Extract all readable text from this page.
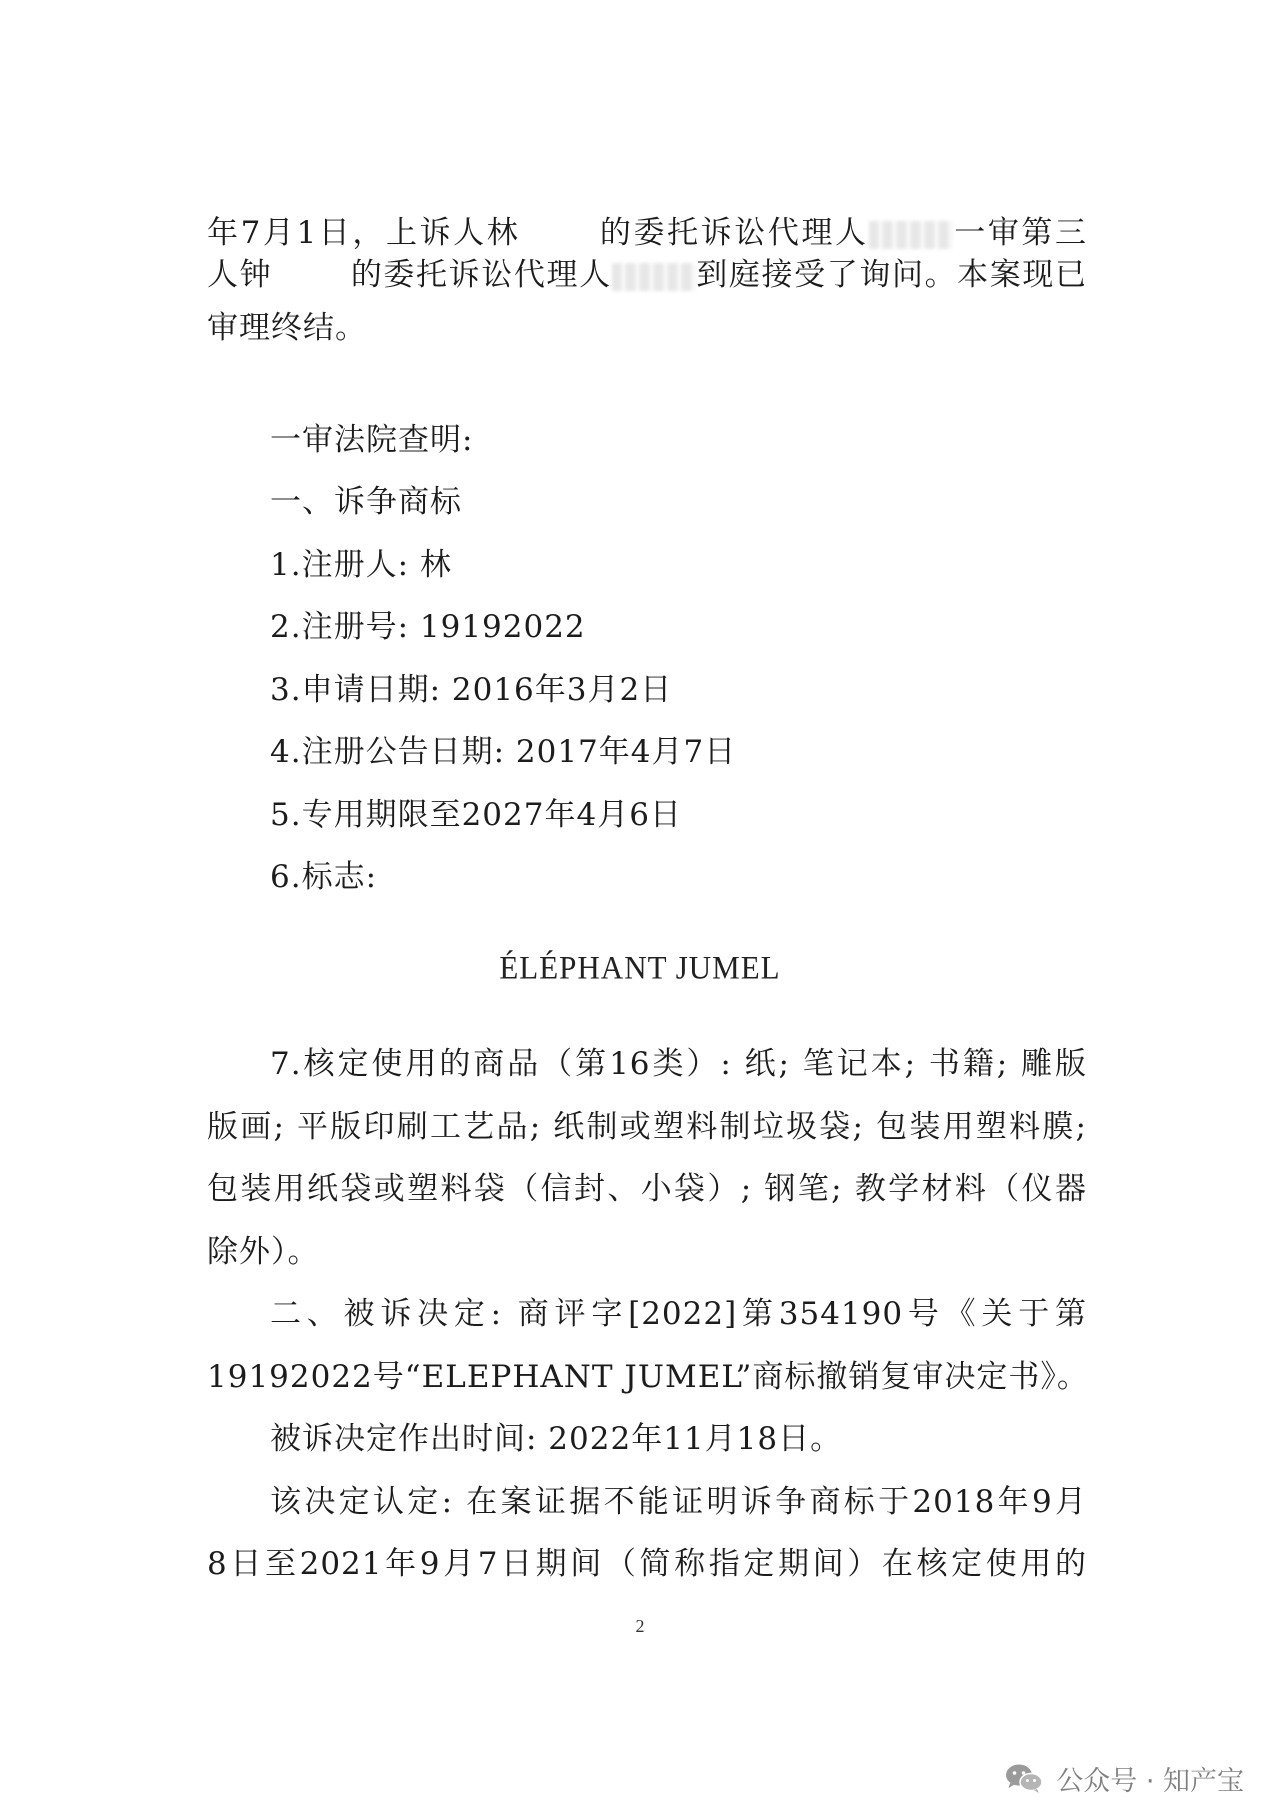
年7月1日，上诉人林	的委托诉讼代理人	一审第三
人钟	的委托诉讼代理人	到庭接受了询问。本案现已
审理终结。
一审法院查明:
一、诉争商标
1.注册人: 林
2.注册号: 19192022
3.申请日期: 2016年3月2日
4.注册公告日期: 2017年4月7日
5.专用期限至2027年4月6日
6.标志:
ÉLÉPHANT JUMEL
7.核定使用的商品（第16类）: 纸; 笔记本; 书籍; 雕版
版画; 平版印刷工艺品; 纸制或塑料制垃圾袋; 包装用塑料膜;
包装用纸袋或塑料袋（信封、小袋）; 钢笔; 教学材料（仪器
除外）。
二、被诉决定: 商评字[2022]第354190号《关于第
19192022号“ELEPHANT JUMEL”商标撤销复审决定书》。
被诉决定作出时间: 2022年11月18日。
该决定认定: 在案证据不能证明诉争商标于2018年9月
8日至2021年9月7日期间（简称指定期间）在核定使用的
2
公众号 · 知产宝
